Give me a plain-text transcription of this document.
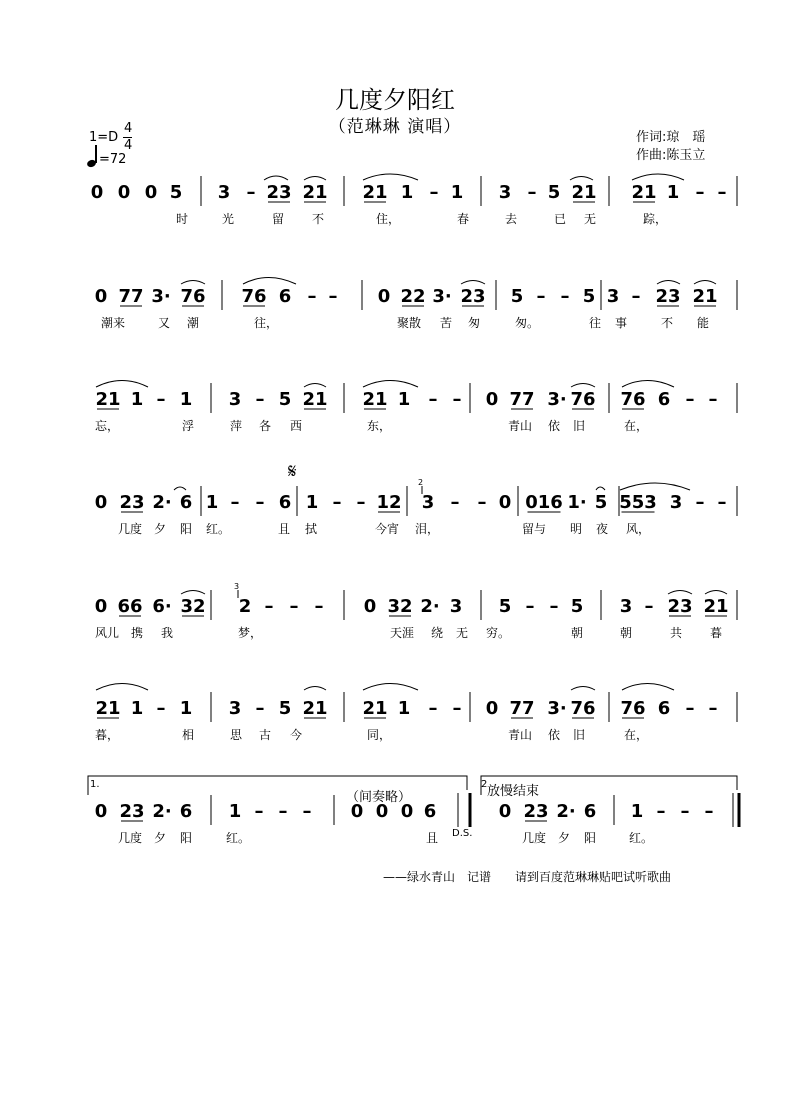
几度夕阳红
（范琳琳 演唱）
1=D
4
4
=72
作词:琼　瑶
作曲:陈玉立
（间奏略）	放慢结束
1.	2
D.S.
——绿水青山　记谱　　请到百度范琳琳贴吧试听歌曲
0 0 0 5 3 – 23 21 21 1 – 1 3 – 5 21 21 1 – –
0 77 3· 76 76 6 – – 0 22 3· 23 5 – – 5 3 – 23 21
21 1 – 1 3 – 5 21 21 1 – – 0 77 3· 76 76 6 – –
0 23 2· 6 1 – – 6 1 – – 12 3 – – 0 016 1· 5 553 3 – –
0 66 6· 32 2 – – – 0 32 2· 3 5 – – 5 3 – 23 21
21 1 – 1 3 – 5 21 21 1 – – 0 77 3· 76 76 6 – –
0 23 2· 6 1 – – – 0 0 0 6	0 23 2· 6 1 – – –
时	光	留 不	住，	春	去	已 无	踪，
潮来	又 潮	往，	聚散 苦 匆	匆。	往 事	不 能
忘，	浮	萍 各 西	东，	青山 依 旧	在，
几度 夕 阳 红。	且 拭	今宵 泪，	留与 明 夜 风，
风儿 携 我	梦，	天涯 绕 无 穷。	朝	朝	共 暮
暮，	相	思 古 今	同，	青山 依 旧	在，
几度 夕 阳	红。	且	几度 夕 阳	红。
𝄋	2
3
